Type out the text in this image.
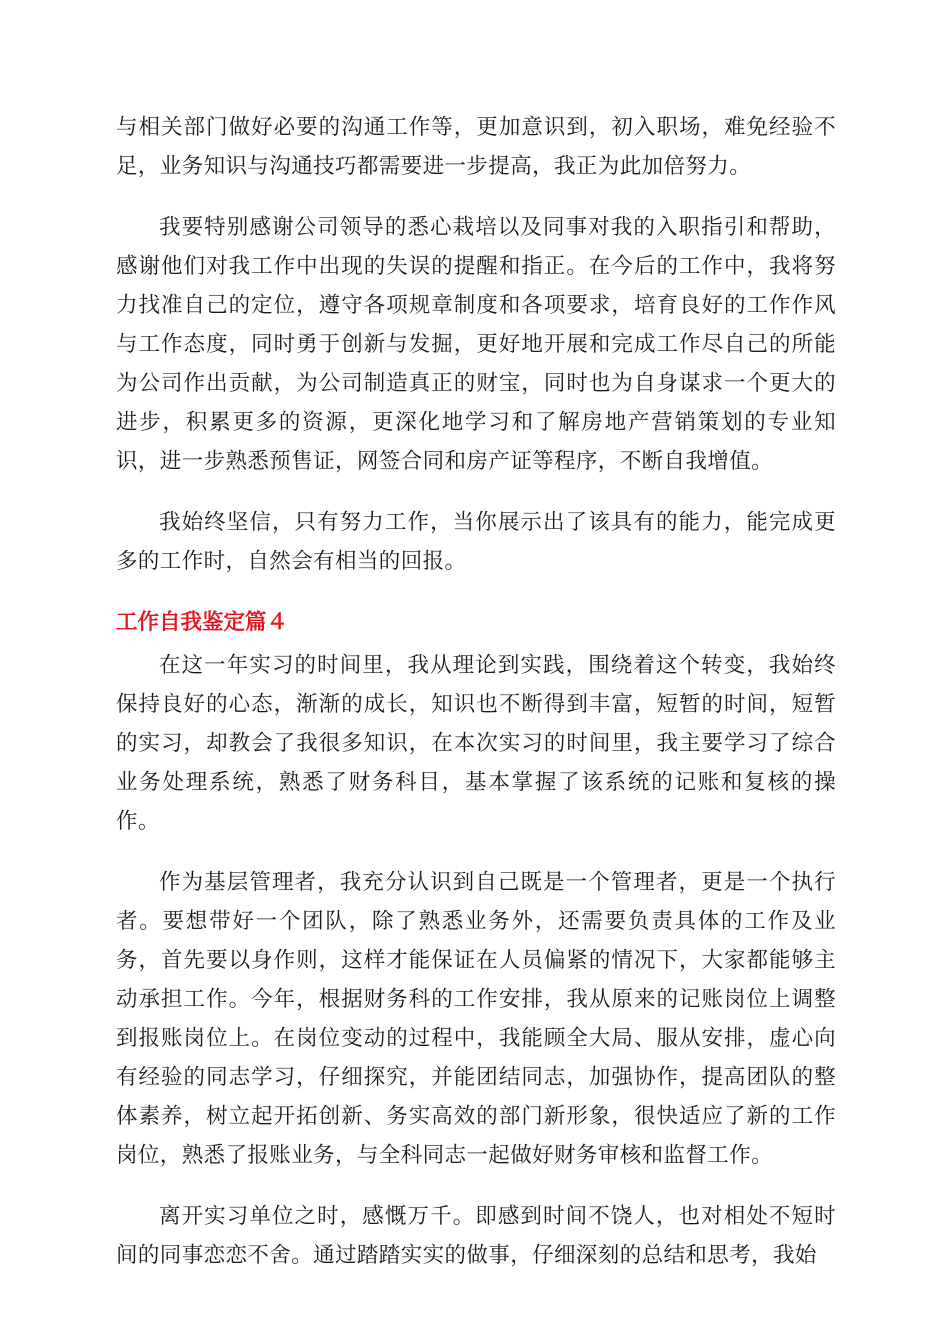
与相关部门做好必要的沟通工作等，更加意识到，初入职场，难免经验不足，业务知识与沟通技巧都需要进一步提高，我正为此加倍努力。

我要特别感谢公司领导的悉心栽培以及同事对我的入职指引和帮助，感谢他们对我工作中出现的失误的提醒和指正。在今后的工作中，我将努力找准自己的定位，遵守各项规章制度和各项要求，培育良好的工作作风与工作态度，同时勇于创新与发掘，更好地开展和完成工作尽自己的所能为公司作出贡献，为公司制造真正的财宝，同时也为自身谋求一个更大的进步，积累更多的资源，更深化地学习和了解房地产营销策划的专业知识，进一步熟悉预售证，网签合同和房产证等程序，不断自我增值。

我始终坚信，只有努力工作，当你展示出了该具有的能力，能完成更多的工作时，自然会有相当的回报。

工作自我鉴定篇４

在这一年实习的时间里，我从理论到实践，围绕着这个转变，我始终保持良好的心态，渐渐的成长，知识也不断得到丰富，短暂的时间，短暂的实习，却教会了我很多知识，在本次实习的时间里，我主要学习了综合业务处理系统，熟悉了财务科目，基本掌握了该系统的记账和复核的操作。

作为基层管理者，我充分认识到自己既是一个管理者，更是一个执行者。要想带好一个团队，除了熟悉业务外，还需要负责具体的工作及业务，首先要以身作则，这样才能保证在人员偏紧的情况下，大家都能够主动承担工作。今年，根据财务科的工作安排，我从原来的记账岗位上调整到报账岗位上。在岗位变动的过程中，我能顾全大局、服从安排，虚心向有经验的同志学习，仔细探究，并能团结同志，加强协作，提高团队的整体素养，树立起开拓创新、务实高效的部门新形象，很快适应了新的工作岗位，熟悉了报账业务，与全科同志一起做好财务审核和监督工作。

离开实习单位之时，感慨万千。即感到时间不饶人，也对相处不短时间的同事恋恋不舍。通过踏踏实实的做事，仔细深刻的总结和思考，我始
